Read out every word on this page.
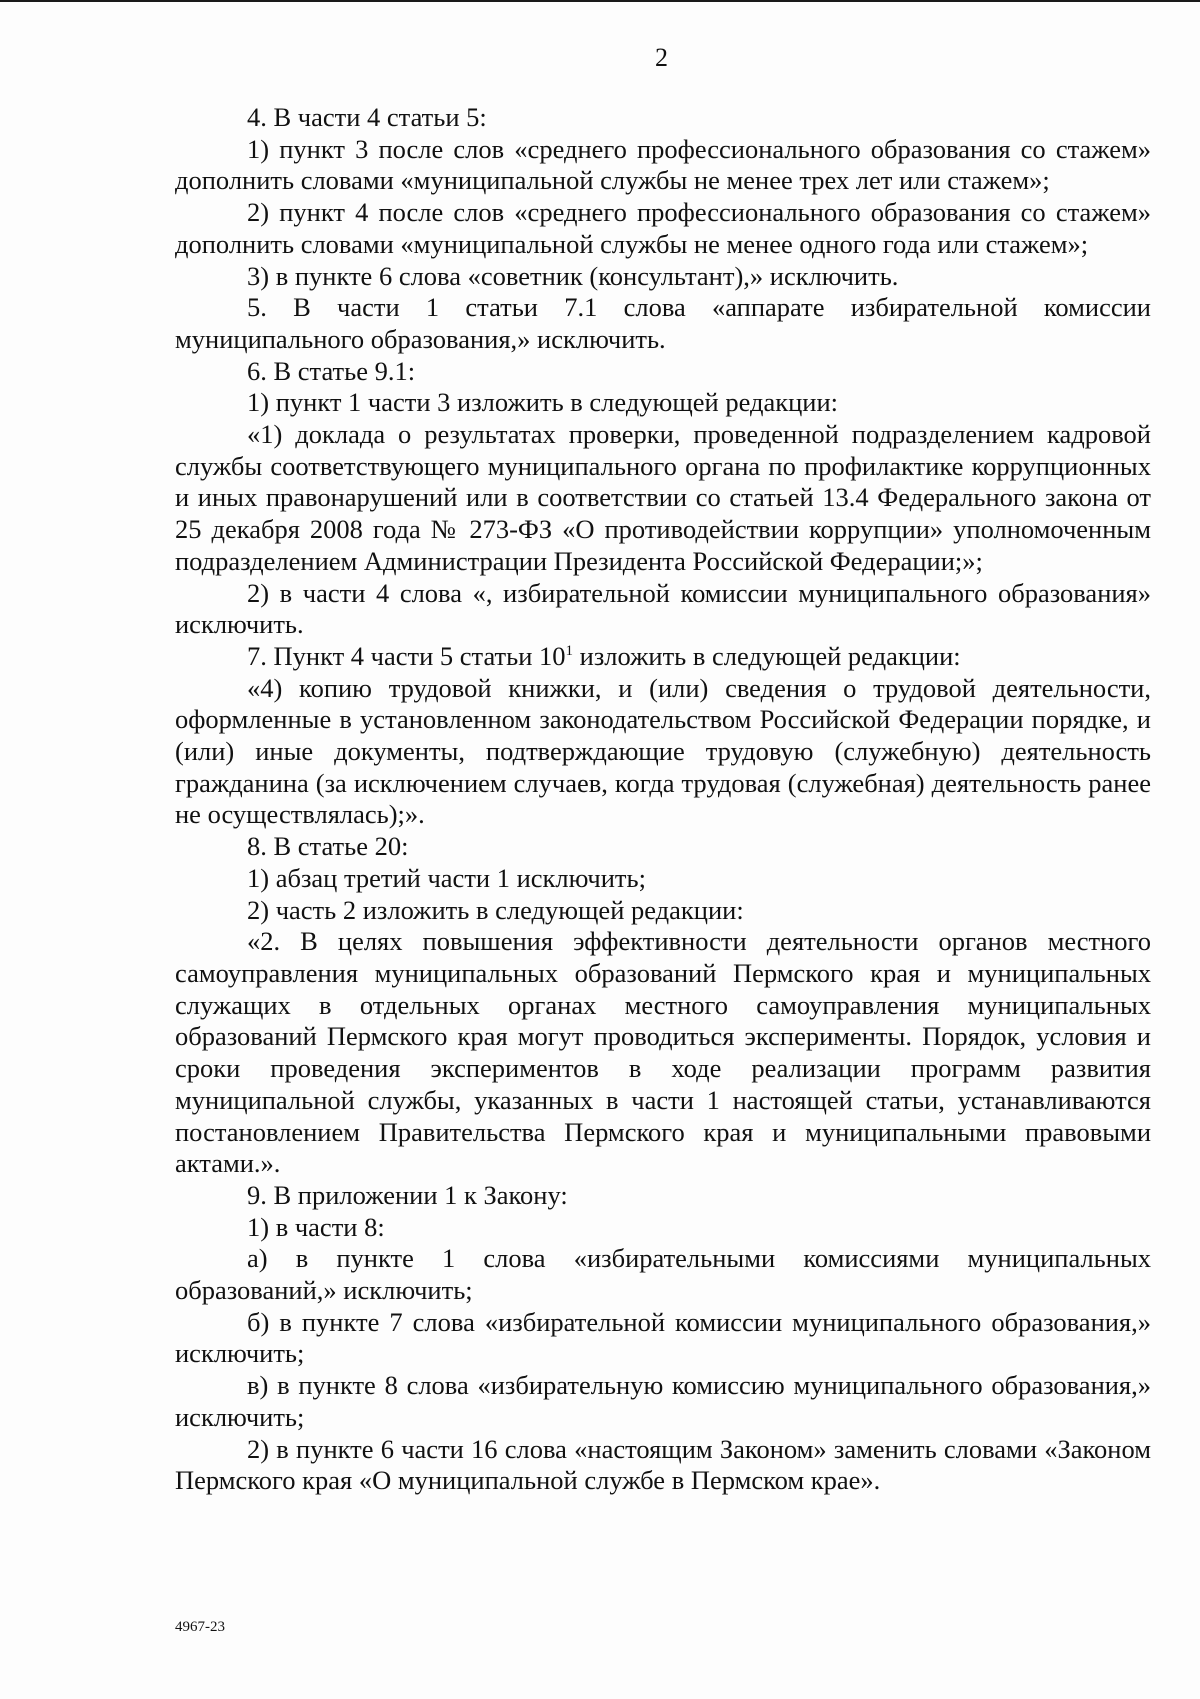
2

4. В части 4 статьи 5:

1) пункт 3 после слов «среднего профессионального образования со стажем» дополнить словами «муниципальной службы не менее трех лет или стажем»;

2) пункт 4 после слов «среднего профессионального образования со стажем» дополнить словами «муниципальной службы не менее одного года или стажем»;

3) в пункте 6 слова «советник (консультант),» исключить.

5. В части 1 статьи 7.1 слова «аппарате избирательной комиссии муниципального образования,» исключить.

6. В статье 9.1:

1) пункт 1 части 3 изложить в следующей редакции:

«1) доклада о результатах проверки, проведенной подразделением кадровой службы соответствующего муниципального органа по профилактике коррупционных и иных правонарушений или в соответствии со статьей 13.4 Федерального закона от 25 декабря 2008 года № 273-ФЗ «О противодействии коррупции» уполномоченным подразделением Администрации Президента Российской Федерации;»;

2) в части 4 слова «, избирательной комиссии муниципального образования» исключить.

7. Пункт 4 части 5 статьи $10^1$ изложить в следующей редакции:

«4) копию трудовой книжки, и (или) сведения о трудовой деятельности, оформленные в установленном законодательством Российской Федерации порядке, и (или) иные документы, подтверждающие трудовую (служебную) деятельность гражданина (за исключением случаев, когда трудовая (служебная) деятельность ранее не осуществлялась);».

8. В статье 20:

1) абзац третий части 1 исключить;

2) часть 2 изложить в следующей редакции:

«2. В целях повышения эффективности деятельности органов местного самоуправления муниципальных образований Пермского края и муниципальных служащих в отдельных органах местного самоуправления муниципальных образований Пермского края могут проводиться эксперименты. Порядок, условия и сроки проведения экспериментов в ходе реализации программ развития муниципальной службы, указанных в части 1 настоящей статьи, устанавливаются постановлением Правительства Пермского края и муниципальными правовыми актами.».

9. В приложении 1 к Закону:

1) в части 8:

а) в пункте 1 слова «избирательными комиссиями муниципальных образований,» исключить;

б) в пункте 7 слова «избирательной комиссии муниципального образования,» исключить;

в) в пункте 8 слова «избирательную комиссию муниципального образования,» исключить;

2) в пункте 6 части 16 слова «настоящим Законом» заменить словами «Законом Пермского края «О муниципальной службе в Пермском крае».

4967-23
